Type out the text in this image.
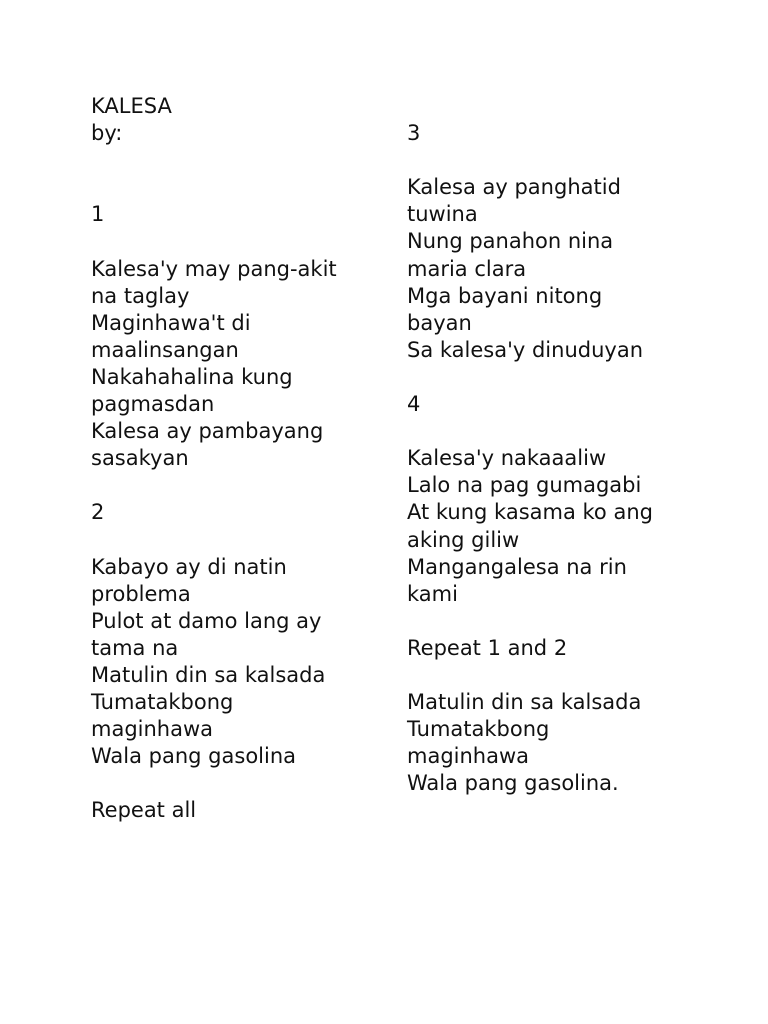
KALESA
by:
1
Kalesa'y may pang-akit
na taglay
Maginhawa't di
maalinsangan
Nakahahalina kung
pagmasdan
Kalesa ay pambayang
sasakyan
2
Kabayo ay di natin
problema
Pulot at damo lang ay
tama na
Matulin din sa kalsada
Tumatakbong
maginhawa
Wala pang gasolina
Repeat all
3
Kalesa ay panghatid
tuwina
Nung panahon nina
maria clara
Mga bayani nitong
bayan
Sa kalesa'y dinuduyan
4
Kalesa'y nakaaaliw
Lalo na pag gumagabi
At kung kasama ko ang
aking giliw
Mangangalesa na rin
kami
Repeat 1 and 2
Matulin din sa kalsada
Tumatakbong
maginhawa
Wala pang gasolina.
